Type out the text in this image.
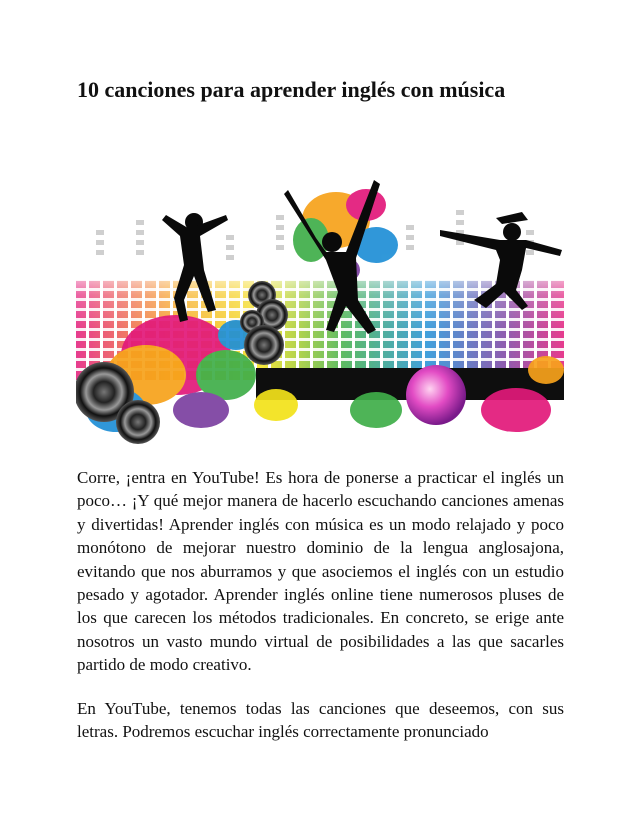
10 canciones para aprender inglés con música

Corre, ¡entra en YouTube! Es hora de ponerse a practicar el inglés un poco… ¡Y qué mejor manera de hacerlo escuchando canciones amenas y divertidas! Aprender inglés con música es un modo relajado y poco monótono de mejorar nuestro dominio de la lengua anglosajona, evitando que nos aburramos y que asociemos el inglés con un estudio pesado y agotador. Aprender inglés online tiene numerosos pluses de los que carecen los métodos tradicionales. En concreto, se erige ante nosotros un vasto mundo virtual de posibilidades a las que sacarles partido de modo creativo.

En YouTube, tenemos todas las canciones que deseemos, con sus letras. Podremos escuchar inglés correctamente pronunciado
